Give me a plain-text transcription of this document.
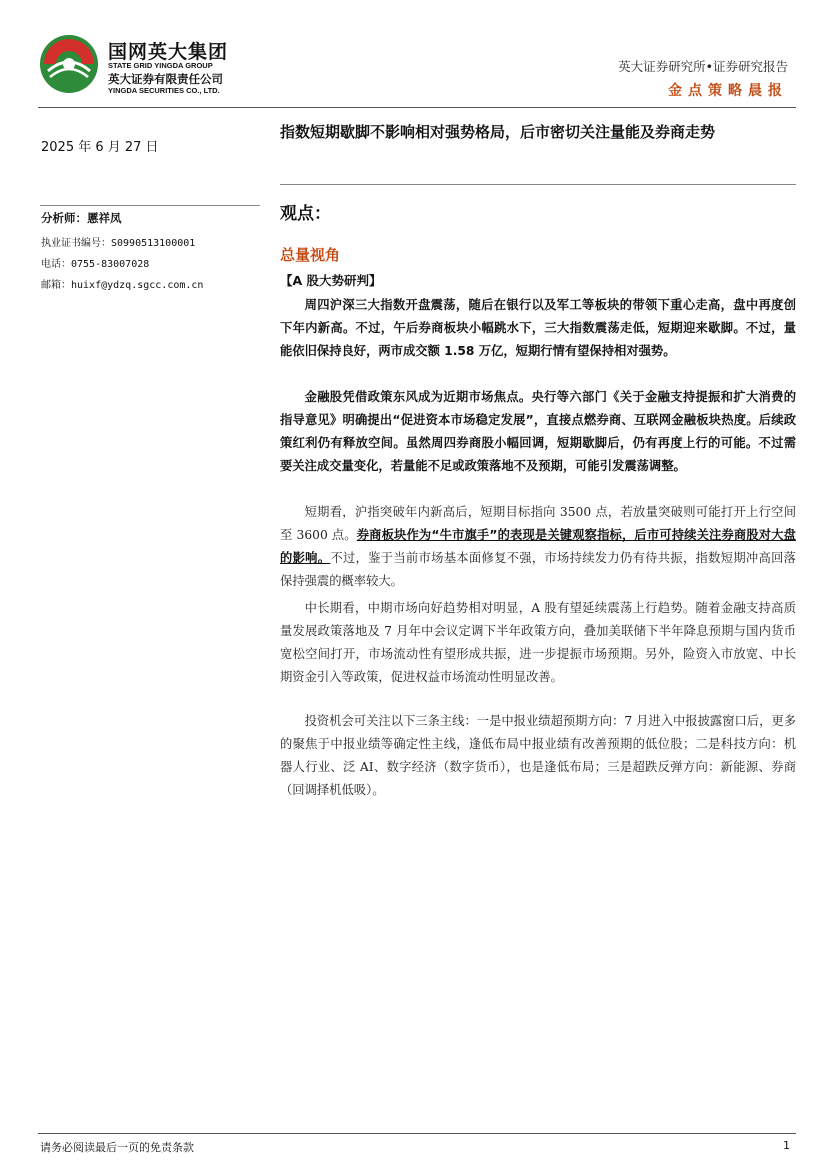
国网英大集团
STATE GRID YINGDA GROUP
英大证券有限责任公司
YINGDA SECURITIES CO., LTD.
英大证券研究所•证券研究报告
金点策略晨报
2025 年 6 月 27 日
指数短期歇脚不影响相对强势格局，后市密切关注量能及券商走势
分析师：慝祥凤
执业证书编号：S0990513100001
电话：0755-83007028
邮箱：huixf@ydzq.sgcc.com.cn
观点：
总量视角
【A 股大势研判】

周四沪深三大指数开盘震荡，随后在银行以及军工等板块的带领下重心走高，盘中再度创下年内新高。不过，午后券商板块小幅跳水下，三大指数震荡走低，短期迎来歇脚。不过，量能依旧保持良好，两市成交额 1.58 万亿，短期行情有望保持相对强势。

金融股凭借政策东风成为近期市场焦点。央行等六部门《关于金融支持提振和扩大消费的指导意见》明确提出“促进资本市场稳定发展”，直接点燃券商、互联网金融板块热度。后续政策红利仍有释放空间。虽然周四券商股小幅回调，短期歇脚后，仍有再度上行的可能。不过需要关注成交量变化，若量能不足或政策落地不及预期，可能引发震荡调整。

短期看，沪指突破年内新高后，短期目标指向 3500 点，若放量突破则可能打开上行空间至 3600 点。券商板块作为“牛市旗手”的表现是关键观察指标，后市可持续关注券商股对大盘的影响。不过，鉴于当前市场基本面修复不强，市场持续发力仍有待共振，指数短期冲高回落保持强震的概率较大。

中长期看，中期市场向好趋势相对明显，A 股有望延续震荡上行趋势。随着金融支持高质量发展政策落地及 7 月年中会议定调下半年政策方向，叠加美联储下半年降息预期与国内货币宽松空间打开，市场流动性有望形成共振，进一步提振市场预期。另外，险资入市放宽、中长期资金引入等政策，促进权益市场流动性明显改善。

投资机会可关注以下三条主线：一是中报业绩超预期方向：7 月进入中报披露窗口后，更多的聚焦于中报业绩等确定性主线，逢低布局中报业绩有改善预期的低位股；二是科技方向：机器人行业、泛 AI、数字经济（数字货币），也是逢低布局；三是超跌反弹方向：新能源、券商（回调择机低吸）。

请务必阅读最后一页的免责条款	1
